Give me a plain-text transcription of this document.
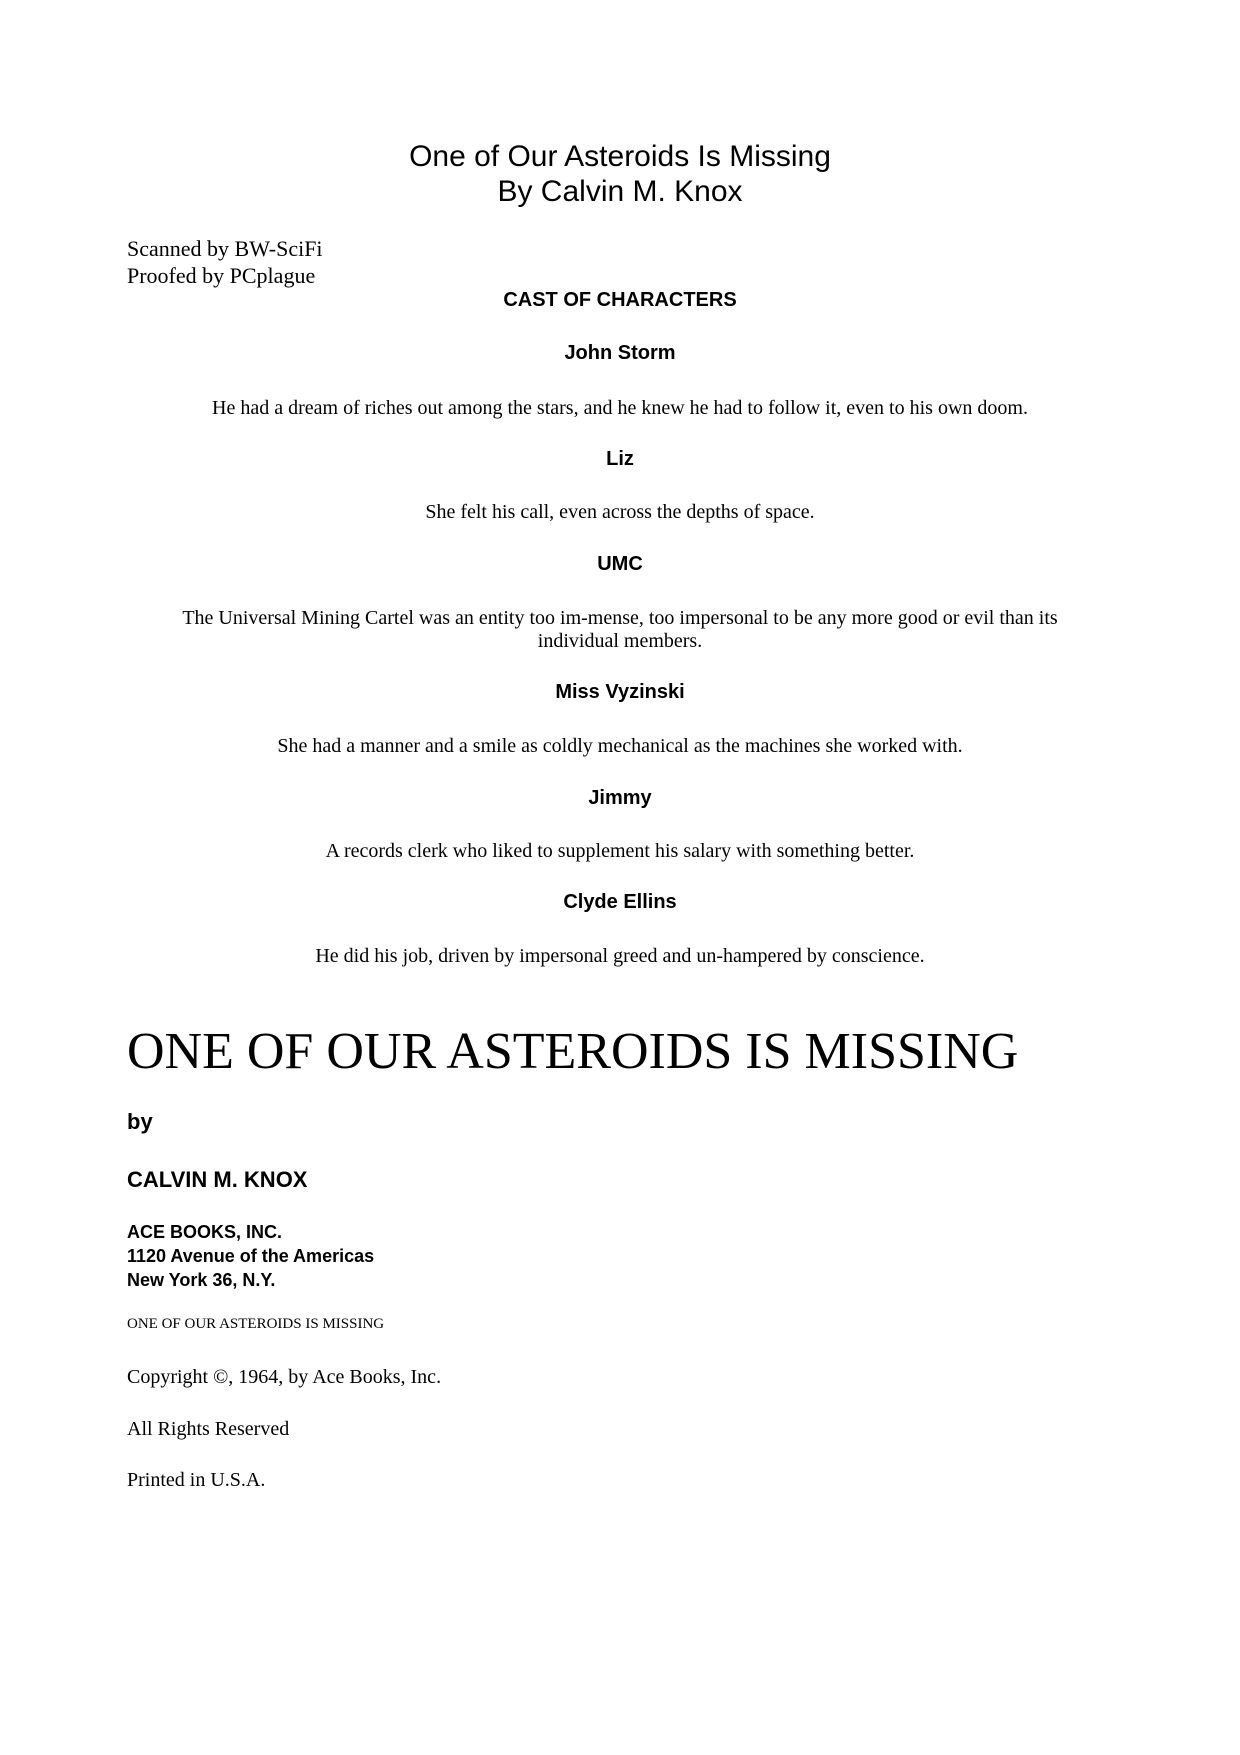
One of Our Asteroids Is Missing
By Calvin M. Knox
Scanned by BW-SciFi
Proofed by PCplague
CAST OF CHARACTERS
John Storm
He had a dream of riches out among the stars, and he knew he had to follow it, even to his own doom.
Liz
She felt his call, even across the depths of space.
UMC
The Universal Mining Cartel was an entity too im-mense, too impersonal to be any more good or evil than its
individual members.
Miss Vyzinski
She had a manner and a smile as coldly mechanical as the machines she worked with.
Jimmy
A records clerk who liked to supplement his salary with something better.
Clyde Ellins
He did his job, driven by impersonal greed and un-hampered by conscience.
ONE OF OUR ASTEROIDS IS MISSING
by
CALVIN M. KNOX
ACE BOOKS, INC.
1120 Avenue of the Americas
New York 36, N.Y.
ONE OF OUR ASTEROIDS IS MISSING
Copyright ©, 1964, by Ace Books, Inc.
All Rights Reserved
Printed in U.S.A.
